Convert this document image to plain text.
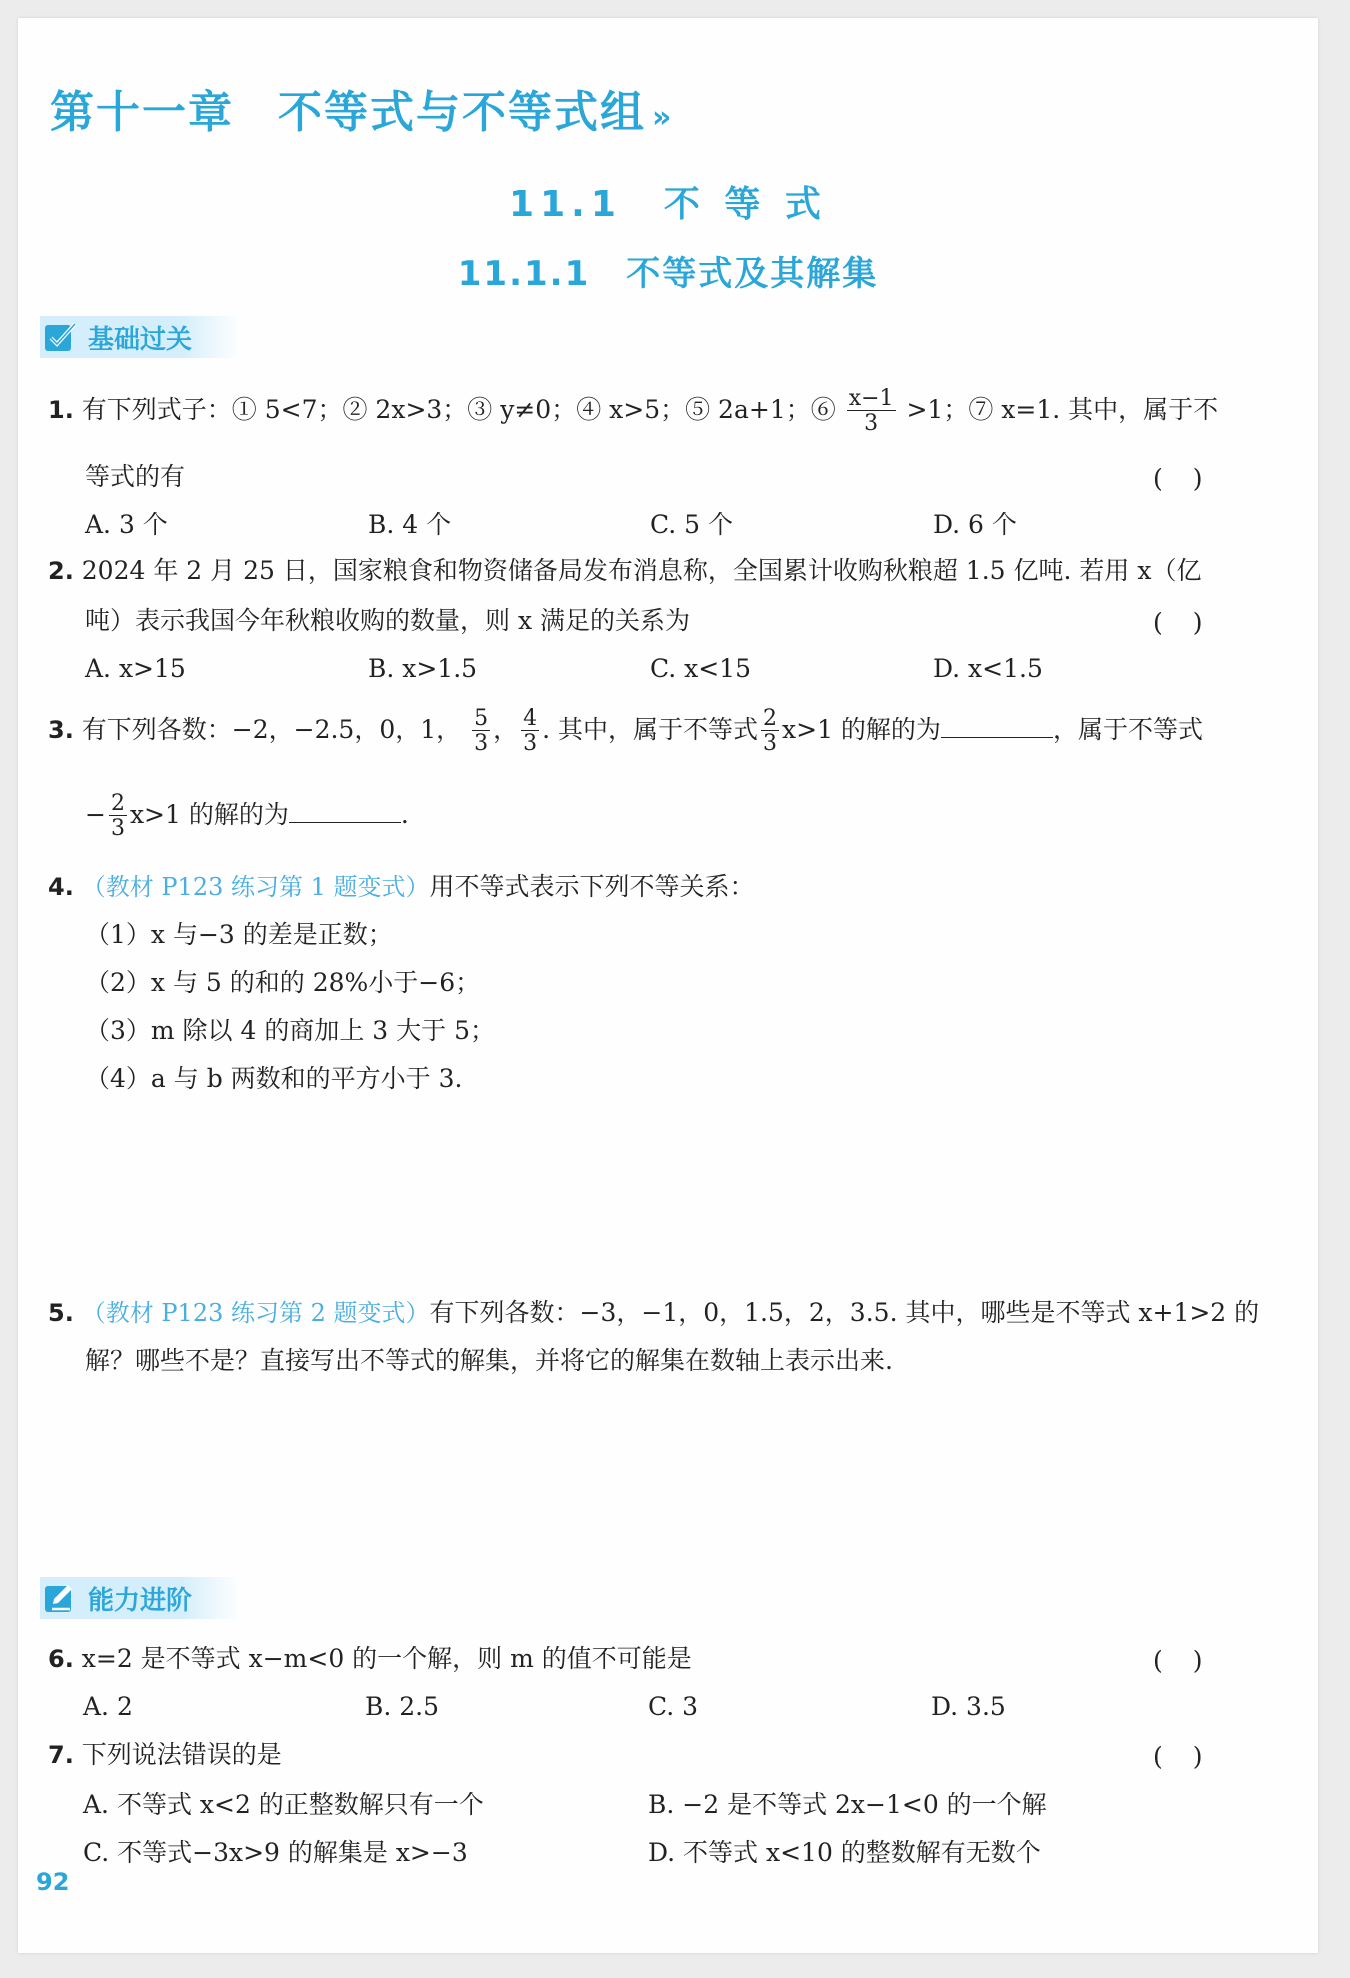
第十一章 不等式与不等式组 »
11.1　不 等 式
11.1.1　不等式及其解集
基础过关
1. 有下列式子：① 5<7；② 2x>3；③ y≠0；④ x>5；⑤ 2a+1；⑥ $\frac{x-1}{3} >1$；⑦ x=1. 其中，属于不
等式的有	()
A. 3 个	B. 4 个	C. 5 个	D. 6 个
2. 2024 年 2 月 25 日，国家粮食和物资储备局发布消息称，全国累计收购秋粮超 1.5 亿吨. 若用 x（亿
吨）表示我国今年秋粮收购的数量，则 x 满足的关系为	()
A. x>15	B. x>1.5	C. x<15	D. x<1.5
3. 有下列各数：−2，−2.5，0，1， $\frac{5}{3}$ ， $\frac{4}{3}$ . 其中，属于不等式 $\frac{2}{3} x>1$ 的解的为	，属于不等式
− $\frac{2}{3} x>1$ 的解的为	.
4. （教材 P123 练习第 1 题变式）用不等式表示下列不等关系：
（1）x 与−3 的差是正数；
（2）x 与 5 的和的 28%小于−6；
（3）m 除以 4 的商加上 3 大于 5；
（4）a 与 b 两数和的平方小于 3.
5. （教材 P123 练习第 2 题变式）有下列各数：−3，−1，0，1.5，2，3.5. 其中，哪些是不等式 x+1>2 的
解？哪些不是？直接写出不等式的解集，并将它的解集在数轴上表示出来.
能力进阶
6. x=2 是不等式 x−m<0 的一个解，则 m 的值不可能是	()
A. 2	B. 2.5	C. 3	D. 3.5
7. 下列说法错误的是	()
A. 不等式 x<2 的正整数解只有一个	B. −2 是不等式 2x−1<0 的一个解
C. 不等式−3x>9 的解集是 x>−3	D. 不等式 x<10 的整数解有无数个
92
